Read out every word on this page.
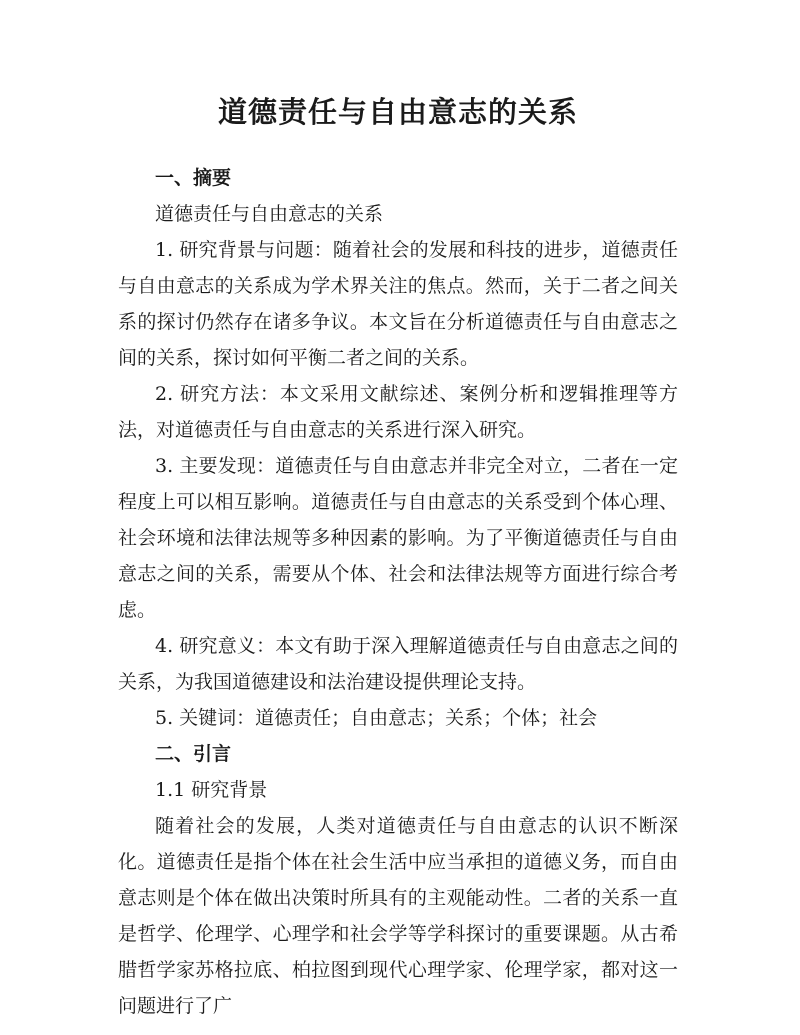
道德责任与自由意志的关系
一、摘要

道德责任与自由意志的关系

1. 研究背景与问题：随着社会的发展和科技的进步，道德责任与自由意志的关系成为学术界关注的焦点。然而，关于二者之间关系的探讨仍然存在诸多争议。本文旨在分析道德责任与自由意志之间的关系，探讨如何平衡二者之间的关系。

2. 研究方法：本文采用文献综述、案例分析和逻辑推理等方法，对道德责任与自由意志的关系进行深入研究。

3. 主要发现：道德责任与自由意志并非完全对立，二者在一定程度上可以相互影响。道德责任与自由意志的关系受到个体心理、社会环境和法律法规等多种因素的影响。为了平衡道德责任与自由意志之间的关系，需要从个体、社会和法律法规等方面进行综合考虑。

4. 研究意义：本文有助于深入理解道德责任与自由意志之间的关系，为我国道德建设和法治建设提供理论支持。

5. 关键词：道德责任；自由意志；关系；个体；社会

二、引言

1.1 研究背景

随着社会的发展，人类对道德责任与自由意志的认识不断深化。道德责任是指个体在社会生活中应当承担的道德义务，而自由意志则是个体在做出决策时所具有的主观能动性。二者的关系一直是哲学、伦理学、心理学和社会学等学科探讨的重要课题。从古希腊哲学家苏格拉底、柏拉图到现代心理学家、伦理学家，都对这一问题进行了广
